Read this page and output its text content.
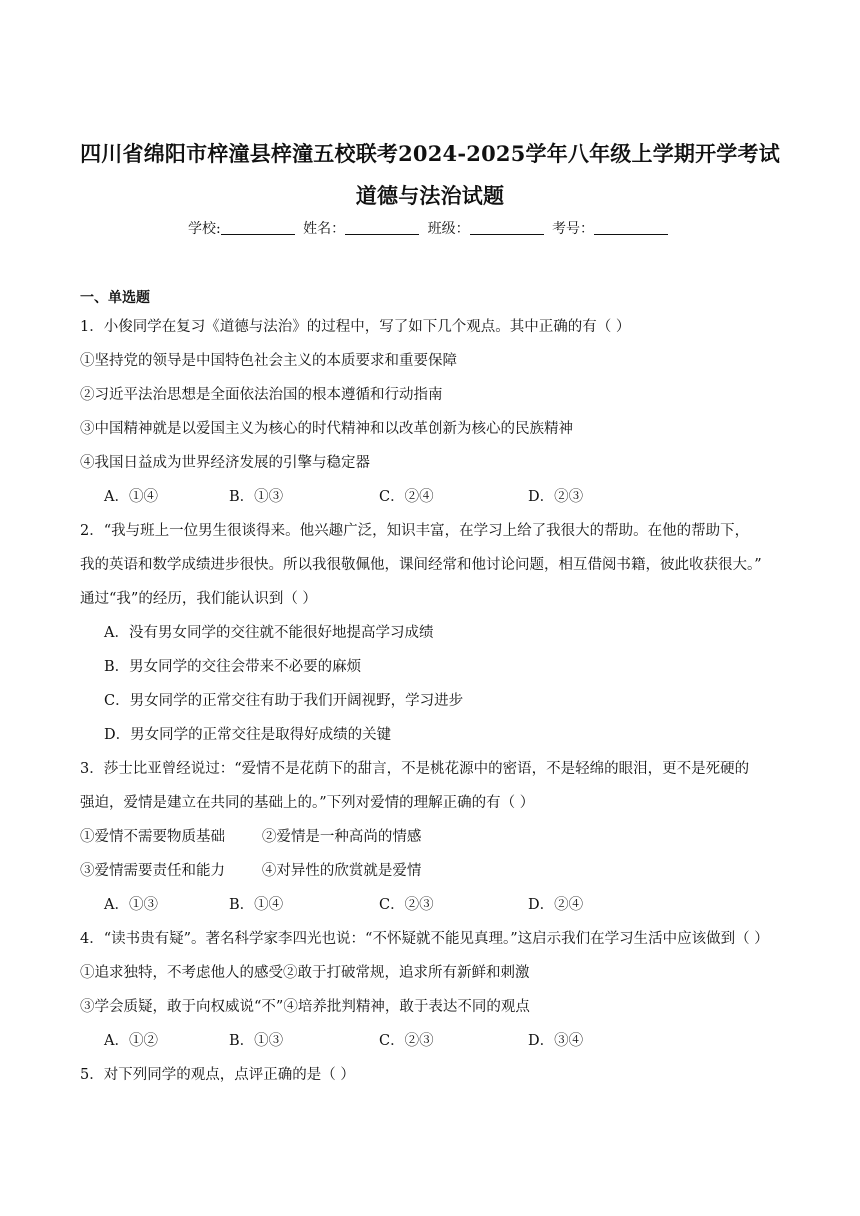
四川省绵阳市梓潼县梓潼五校联考2024-2025学年八年级上学期开学考试
道德与法治试题
学校:	姓名：	班级：	考号：
一、单选题
1．小俊同学在复习《道德与法治》的过程中，写了如下几个观点。其中正确的有（ ）
①坚持党的领导是中国特色社会主义的本质要求和重要保障
②习近平法治思想是全面依法治国的根本遵循和行动指南
③中国精神就是以爱国主义为核心的时代精神和以改革创新为核心的民族精神
④我国日益成为世界经济发展的引擎与稳定器
A．①④	B．①③	C．②④	D．②③
2．“我与班上一位男生很谈得来。他兴趣广泛，知识丰富，在学习上给了我很大的帮助。在他的帮助下，
我的英语和数学成绩进步很快。所以我很敬佩他，课间经常和他讨论问题，相互借阅书籍，彼此收获很大。”
通过“我”的经历，我们能认识到（ ）
A．没有男女同学的交往就不能很好地提高学习成绩
B．男女同学的交往会带来不必要的麻烦
C．男女同学的正常交往有助于我们开阔视野，学习进步
D．男女同学的正常交往是取得好成绩的关键
3．莎士比亚曾经说过：“爱情不是花荫下的甜言，不是桃花源中的密语，不是轻绵的眼泪，更不是死硬的
强迫，爱情是建立在共同的基础上的。”下列对爱情的理解正确的有（ ）
①爱情不需要物质基础        ②爱情是一种高尚的情感
③爱情需要责任和能力        ④对异性的欣赏就是爱情
A．①③	B．①④	C．②③	D．②④
4．“读书贵有疑”。著名科学家李四光也说：“不怀疑就不能见真理。”这启示我们在学习生活中应该做到（ ）
①追求独特，不考虑他人的感受②敢于打破常规，追求所有新鲜和刺激
③学会质疑，敢于向权威说“不”④培养批判精神，敢于表达不同的观点
A．①②	B．①③	C．②③	D．③④
5．对下列同学的观点，点评正确的是（ ）
